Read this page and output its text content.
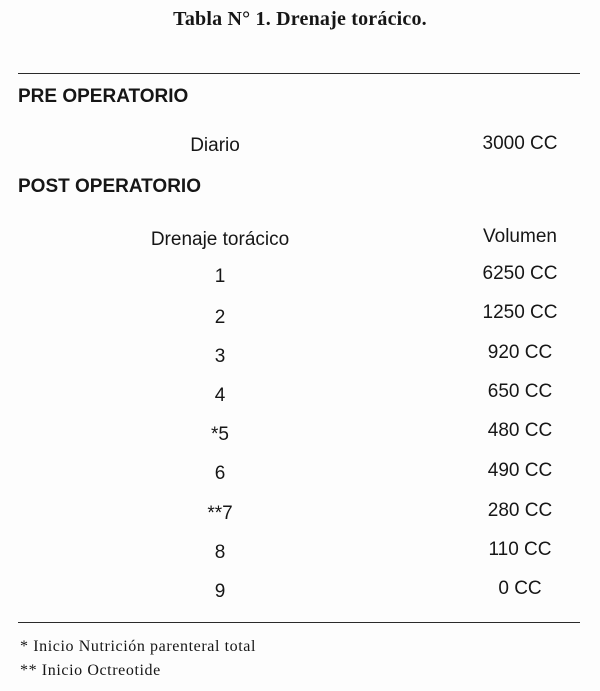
Tabla N° 1. Drenaje torácico.
PRE OPERATORIO
Diario	3000 CC
POST OPERATORIO
Drenaje torácico	Volumen
1	6250 CC
2	1250 CC
3	920 CC
4	650 CC
*5	480 CC
6	490 CC
**7	280 CC
8	110 CC
9	0 CC
* Inicio Nutrición parenteral total
** Inicio Octreotide
